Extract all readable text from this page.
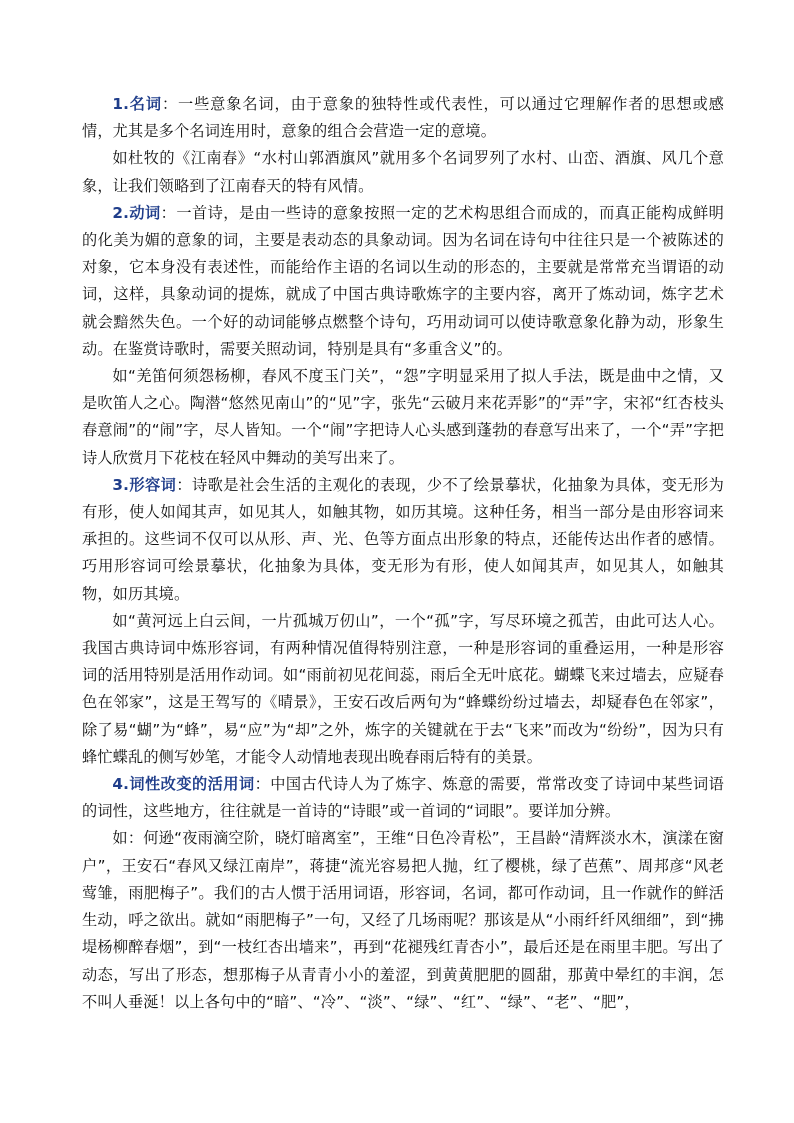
1.名词：一些意象名词，由于意象的独特性或代表性，可以通过它理解作者的思想或感情，尤其是多个名词连用时，意象的组合会营造一定的意境。

如杜牧的《江南春》“水村山郭酒旗风”就用多个名词罗列了水村、山峦、酒旗、风几个意象，让我们领略到了江南春天的特有风情。

2.动词：一首诗，是由一些诗的意象按照一定的艺术构思组合而成的，而真正能构成鲜明的化美为媚的意象的词，主要是表动态的具象动词。因为名词在诗句中往往只是一个被陈述的对象，它本身没有表述性，而能给作主语的名词以生动的形态的，主要就是常常充当谓语的动词，这样，具象动词的提炼，就成了中国古典诗歌炼字的主要内容，离开了炼动词，炼字艺术就会黯然失色。一个好的动词能够点燃整个诗句，巧用动词可以使诗歌意象化静为动，形象生动。在鉴赏诗歌时，需要关照动词，特别是具有“多重含义”的。

如“羌笛何须怨杨柳，春风不度玉门关”，“怨”字明显采用了拟人手法，既是曲中之情，又是吹笛人之心。陶潜“悠然见南山”的“见”字，张先“云破月来花弄影”的“弄”字，宋祁“红杏枝头春意闹”的“闹”字，尽人皆知。一个“闹”字把诗人心头感到蓬勃的春意写出来了，一个“弄”字把诗人欣赏月下花枝在轻风中舞动的美写出来了。

3.形容词：诗歌是社会生活的主观化的表现，少不了绘景摹状，化抽象为具体，变无形为有形，使人如闻其声，如见其人，如触其物，如历其境。这种任务，相当一部分是由形容词来承担的。这些词不仅可以从形、声、光、色等方面点出形象的特点，还能传达出作者的感情。巧用形容词可绘景摹状，化抽象为具体，变无形为有形，使人如闻其声，如见其人，如触其物，如历其境。

如“黄河远上白云间，一片孤城万仞山”，一个“孤”字，写尽环境之孤苦，由此可达人心。我国古典诗词中炼形容词，有两种情况值得特别注意，一种是形容词的重叠运用，一种是形容词的活用特别是活用作动词。如“雨前初见花间蕊，雨后全无叶底花。蝴蝶飞来过墙去，应疑春色在邻家”，这是王驾写的《晴景》，王安石改后两句为“蜂蝶纷纷过墙去，却疑春色在邻家”，除了易“蝴”为“蜂”，易“应”为“却”之外，炼字的关键就在于去“飞来”而改为“纷纷”，因为只有蜂忙蝶乱的侧写妙笔，才能令人动情地表现出晚春雨后特有的美景。

4.词性改变的活用词：中国古代诗人为了炼字、炼意的需要，常常改变了诗词中某些词语的词性，这些地方，往往就是一首诗的“诗眼”或一首词的“词眼”。要详加分辨。

如：何逊“夜雨滴空阶，晓灯暗离室”，王维“日色冷青松”，王昌龄“清辉淡水木，演漾在窗户”，王安石“春风又绿江南岸”，蒋捷“流光容易把人抛，红了樱桃，绿了芭蕉”、周邦彦“风老莺雏，雨肥梅子”。我们的古人惯于活用词语，形容词，名词，都可作动词，且一作就作的鲜活生动，呼之欲出。就如“雨肥梅子”一句，又经了几场雨呢？那该是从“小雨纤纤风细细”，到“拂堤杨柳醉春烟”，到“一枝红杏出墙来”，再到“花褪残红青杏小”，最后还是在雨里丰肥。写出了动态，写出了形态，想那梅子从青青小小的羞涩，到黄黄肥肥的圆甜，那黄中晕红的丰润，怎不叫人垂涎！以上各句中的“暗”、“冷”、“淡”、“绿”、“红”、“绿”、“老”、“肥”，
